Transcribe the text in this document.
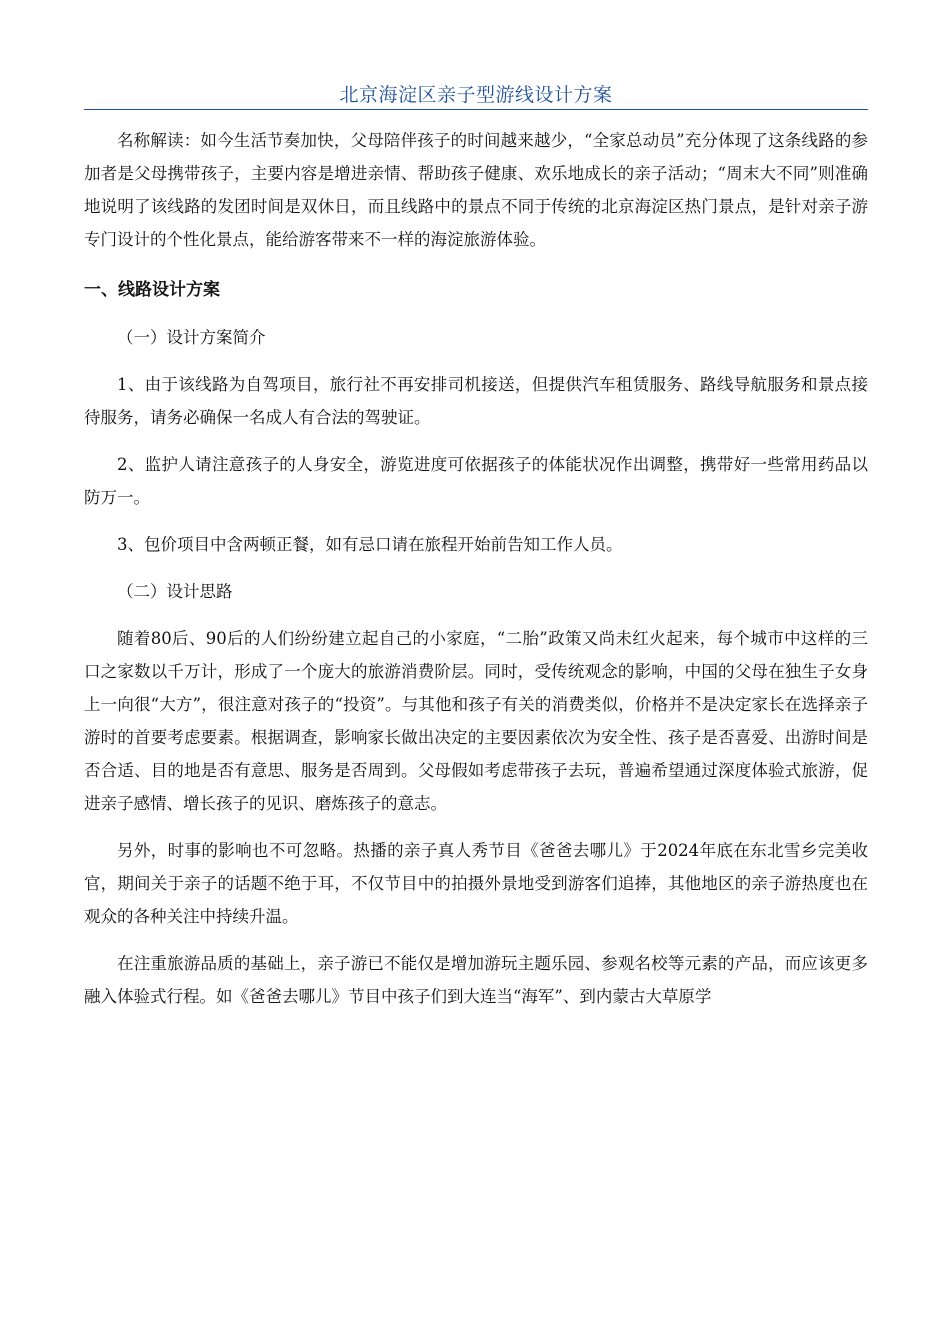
北京海淀区亲子型游线设计方案

名称解读：如今生活节奏加快，父母陪伴孩子的时间越来越少，“全家总动员”充分体现了这条线路的参加者是父母携带孩子，主要内容是增进亲情、帮助孩子健康、欢乐地成长的亲子活动；“周末大不同”则准确地说明了该线路的发团时间是双休日，而且线路中的景点不同于传统的北京海淀区热门景点，是针对亲子游专门设计的个性化景点，能给游客带来不一样的海淀旅游体验。

一、线路设计方案

（一）设计方案简介

1、由于该线路为自驾项目，旅行社不再安排司机接送，但提供汽车租赁服务、路线导航服务和景点接待服务，请务必确保一名成人有合法的驾驶证。

2、监护人请注意孩子的人身安全，游览进度可依据孩子的体能状况作出调整，携带好一些常用药品以防万一。

3、包价项目中含两顿正餐，如有忌口请在旅程开始前告知工作人员。

（二）设计思路

随着80后、90后的人们纷纷建立起自己的小家庭，“二胎”政策又尚未红火起来，每个城市中这样的三口之家数以千万计，形成了一个庞大的旅游消费阶层。同时，受传统观念的影响，中国的父母在独生子女身上一向很“大方”，很注意对孩子的“投资”。与其他和孩子有关的消费类似，价格并不是决定家长在选择亲子游时的首要考虑要素。根据调查，影响家长做出决定的主要因素依次为安全性、孩子是否喜爱、出游时间是否合适、目的地是否有意思、服务是否周到。父母假如考虑带孩子去玩，普遍希望通过深度体验式旅游，促进亲子感情、增长孩子的见识、磨炼孩子的意志。

另外，时事的影响也不可忽略。热播的亲子真人秀节目《爸爸去哪儿》于2024年底在东北雪乡完美收官，期间关于亲子的话题不绝于耳，不仅节目中的拍摄外景地受到游客们追捧，其他地区的亲子游热度也在观众的各种关注中持续升温。

在注重旅游品质的基础上，亲子游已不能仅是增加游玩主题乐园、参观名校等元素的产品，而应该更多融入体验式行程。如《爸爸去哪儿》节目中孩子们到大连当“海军”、到内蒙古大草原学
